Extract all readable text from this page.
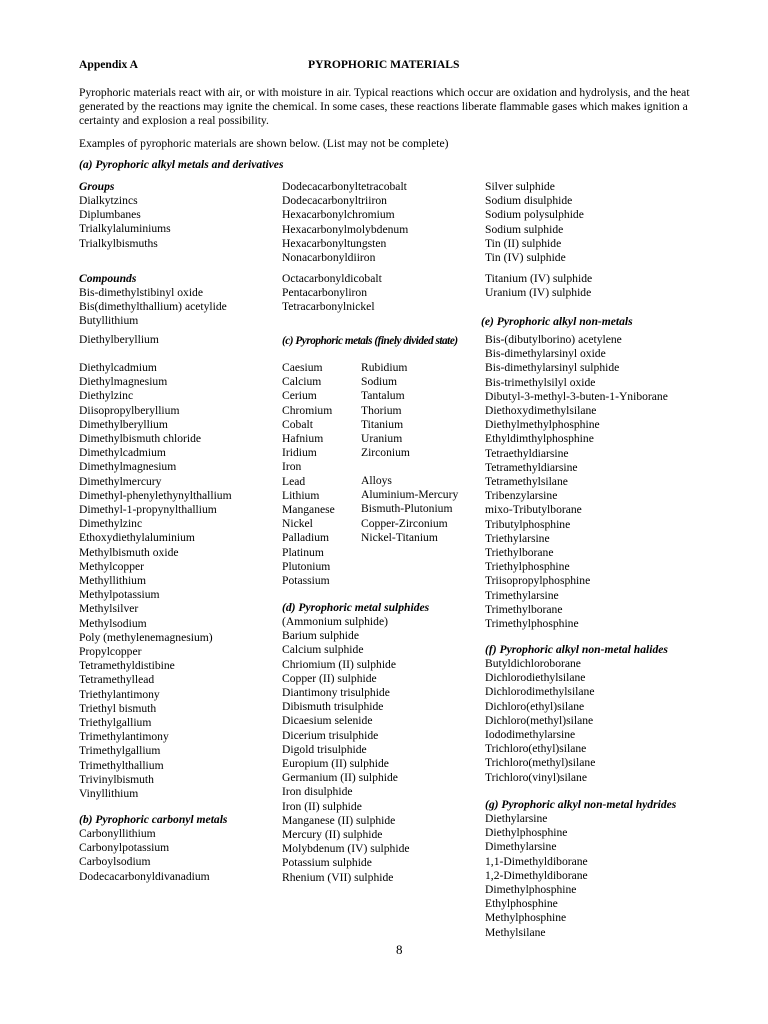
Appendix A	PYROPHORIC MATERIALS
Pyrophoric materials react with air, or with moisture in air. Typical reactions which occur are oxidation and hydrolysis, and the heat generated by the reactions may ignite the chemical. In some cases, these reactions liberate flammable gases which makes ignition a certainty and explosion a real possibility.
Examples of pyrophoric materials are shown below. (List may not be complete)
(a) Pyrophoric alkyl metals and derivatives
Groups
Dialkytzincs
Diplumbanes
Trialkylaluminiums
Trialkylbismuths
Compounds
Bis-dimethylstibinyl oxide
Bis(dimethylthallium) acetylide
Butyllithium
Diethylberyllium
Diethylcadmium
Diethylmagnesium
Diethylzinc
Diisopropylberyllium
Dimethylberyllium
Dimethylbismuth chloride
Dimethylcadmium
Dimethylmagnesium
Dimethylmercury
Dimethyl-phenylethynylthallium
Dimethyl-1-propynylthallium
Dimethylzinc
Ethoxydiethylaluminium
Methylbismuth oxide
Methylcopper
Methyllithium
Methylpotassium
Methylsilver
Methylsodium
Poly (methylenemagnesium)
Propylcopper
Tetramethyldistibine
Tetramethyllead
Triethylantimony
Triethyl bismuth
Triethylgallium
Trimethylantimony
Trimethylgallium
Trimethylthallium
Trivinylbismuth
Vinyllithium
(b) Pyrophoric carbonyl metals
Carbonyllithium
Carbonylpotassium
Carboylsodium
Dodecacarbonyldivanadium
Dodecacarbonyltetracobalt
Dodecacarbonyltriiron
Hexacarbonylchromium
Hexacarbonylmolybdenum
Hexacarbonyltungsten
Nonacarbonyldiiron
Octacarbonyldicobalt
Pentacarbonyliron
Tetracarbonylnickel
(c) Pyrophoric metals (finely divided state)
Caesium
Calcium
Cerium
Chromium
Cobalt
Hafnium
Iridium
Iron
Lead
Lithium
Manganese
Nickel
Palladium
Platinum
Plutonium
Potassium
Rubidium
Sodium
Tantalum
Thorium
Titanium
Uranium
Zirconium
Alloys
Aluminium-Mercury
Bismuth-Plutonium
Copper-Zirconium
Nickel-Titanium
(d) Pyrophoric metal sulphides
(Ammonium sulphide)
Barium sulphide
Calcium sulphide
Chriomium (II) sulphide
Copper (II) sulphide
Diantimony trisulphide
Dibismuth trisulphide
Dicaesium selenide
Dicerium trisulphide
Digold trisulphide
Europium (II) sulphide
Germanium (II) sulphide
Iron disulphide
Iron (II) sulphide
Manganese (II) sulphide
Mercury (II) sulphide
Molybdenum (IV) sulphide
Potassium sulphide
Rhenium (VII) sulphide
Silver sulphide
Sodium disulphide
Sodium polysulphide
Sodium sulphide
Tin (II) sulphide
Tin (IV) sulphide
Titanium (IV) sulphide
Uranium (IV) sulphide
(e) Pyrophoric alkyl non-metals
Bis-(dibutylborino) acetylene
Bis-dimethylarsinyl oxide
Bis-dimethylarsinyl sulphide
Bis-trimethylsilyl oxide
Dibutyl-3-methyl-3-buten-1-Yniborane
Diethoxydimethylsilane
Diethylmethylphosphine
Ethyldimthylphosphine
Tetraethyldiarsine
Tetramethyldiarsine
Tetramethylsilane
Tribenzylarsine
mixo-Tributylborane
Tributylphosphine
Triethylarsine
Triethylborane
Triethylphosphine
Triisopropylphosphine
Trimethylarsine
Trimethylborane
Trimethylphosphine
(f) Pyrophoric alkyl non-metal halides
Butyldichloroborane
Dichlorodiethylsilane
Dichlorodimethylsilane
Dichloro(ethyl)silane
Dichloro(methyl)silane
Iododimethylarsine
Trichloro(ethyl)silane
Trichloro(methyl)silane
Trichloro(vinyl)silane
(g) Pyrophoric alkyl non-metal hydrides
Diethylarsine
Diethylphosphine
Dimethylarsine
1,1-Dimethyldiborane
1,2-Dimethyldiborane
Dimethylphosphine
Ethylphosphine
Methylphosphine
Methylsilane
8
